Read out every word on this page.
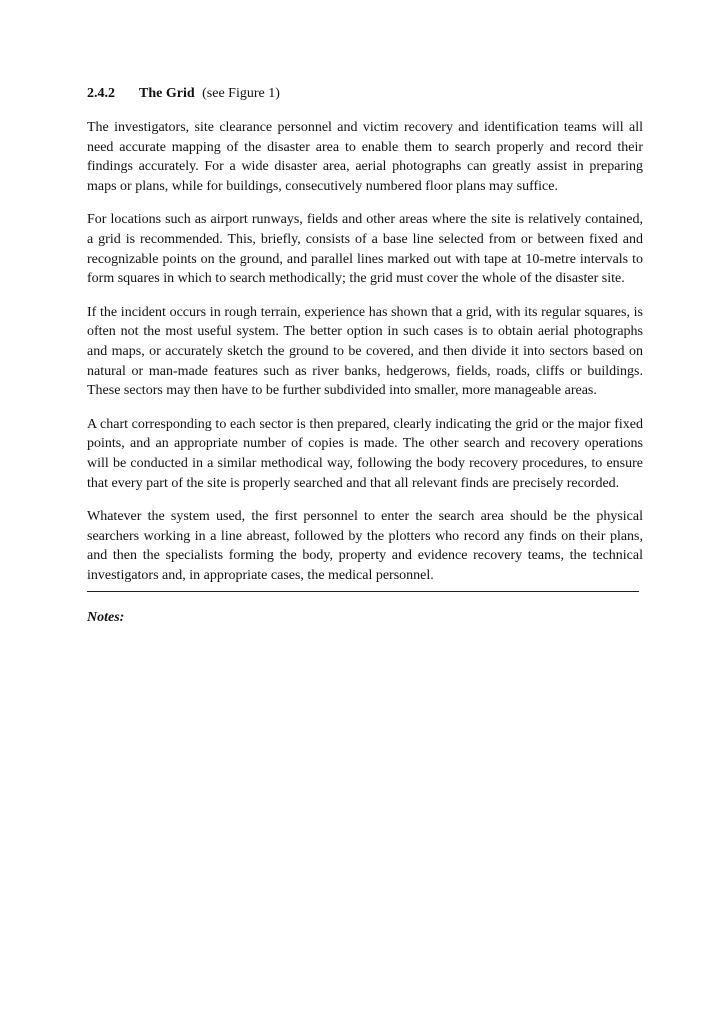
2.4.2 The Grid (see Figure 1)

The investigators, site clearance personnel and victim recovery and identification teams will all need accurate mapping of the disaster area to enable them to search properly and record their findings accurately. For a wide disaster area, aerial photographs can greatly assist in preparing maps or plans, while for buildings, consecutively numbered floor plans may suffice.

For locations such as airport runways, fields and other areas where the site is relatively contained, a grid is recommended. This, briefly, consists of a base line selected from or between fixed and recognizable points on the ground, and parallel lines marked out with tape at 10-metre intervals to form squares in which to search methodically; the grid must cover the whole of the disaster site.

If the incident occurs in rough terrain, experience has shown that a grid, with its regular squares, is often not the most useful system. The better option in such cases is to obtain aerial photographs and maps, or accurately sketch the ground to be covered, and then divide it into sectors based on natural or man-made features such as river banks, hedgerows, fields, roads, cliffs or buildings. These sectors may then have to be further subdivided into smaller, more manageable areas.

A chart corresponding to each sector is then prepared, clearly indicating the grid or the major fixed points, and an appropriate number of copies is made. The other search and recovery operations will be conducted in a similar methodical way, following the body recovery procedures, to ensure that every part of the site is properly searched and that all relevant finds are precisely recorded.

Whatever the system used, the first personnel to enter the search area should be the physical searchers working in a line abreast, followed by the plotters who record any finds on their plans, and then the specialists forming the body, property and evidence recovery teams, the technical investigators and, in appropriate cases, the medical personnel.

Notes:
